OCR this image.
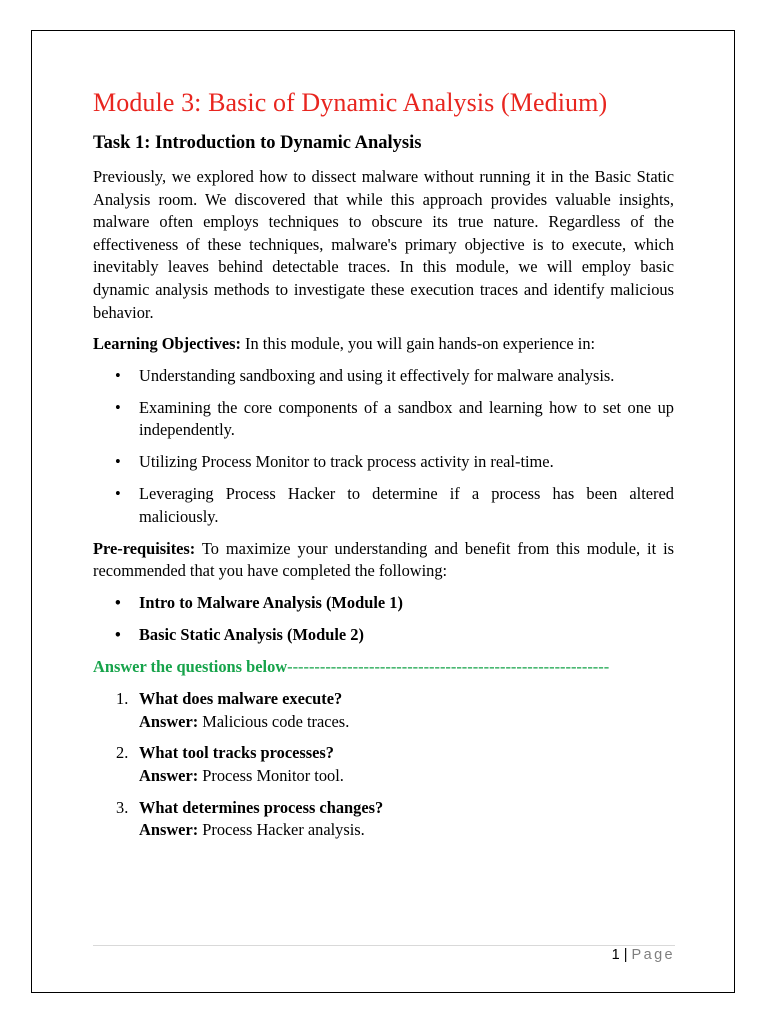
Module 3: Basic of Dynamic Analysis (Medium)
Task 1: Introduction to Dynamic Analysis

Previously, we explored how to dissect malware without running it in the Basic Static Analysis room. We discovered that while this approach provides valuable insights, malware often employs techniques to obscure its true nature. Regardless of the effectiveness of these techniques, malware's primary objective is to execute, which inevitably leaves behind detectable traces. In this module, we will employ basic dynamic analysis methods to investigate these execution traces and identify malicious behavior.

Learning Objectives: In this module, you will gain hands-on experience in:

• Understanding sandboxing and using it effectively for malware analysis.
• Examining the core components of a sandbox and learning how to set one up independently.
• Utilizing Process Monitor to track process activity in real-time.
• Leveraging Process Hacker to determine if a process has been altered maliciously.

Pre-requisites: To maximize your understanding and benefit from this module, it is recommended that you have completed the following:

• Intro to Malware Analysis (Module 1)
• Basic Static Analysis (Module 2)
Answer the questions below-----------------------------------------------------------
1. What does malware execute?
Answer: Malicious code traces.
2. What tool tracks processes?
Answer: Process Monitor tool.
3. What determines process changes?
Answer: Process Hacker analysis.
1 | Page
